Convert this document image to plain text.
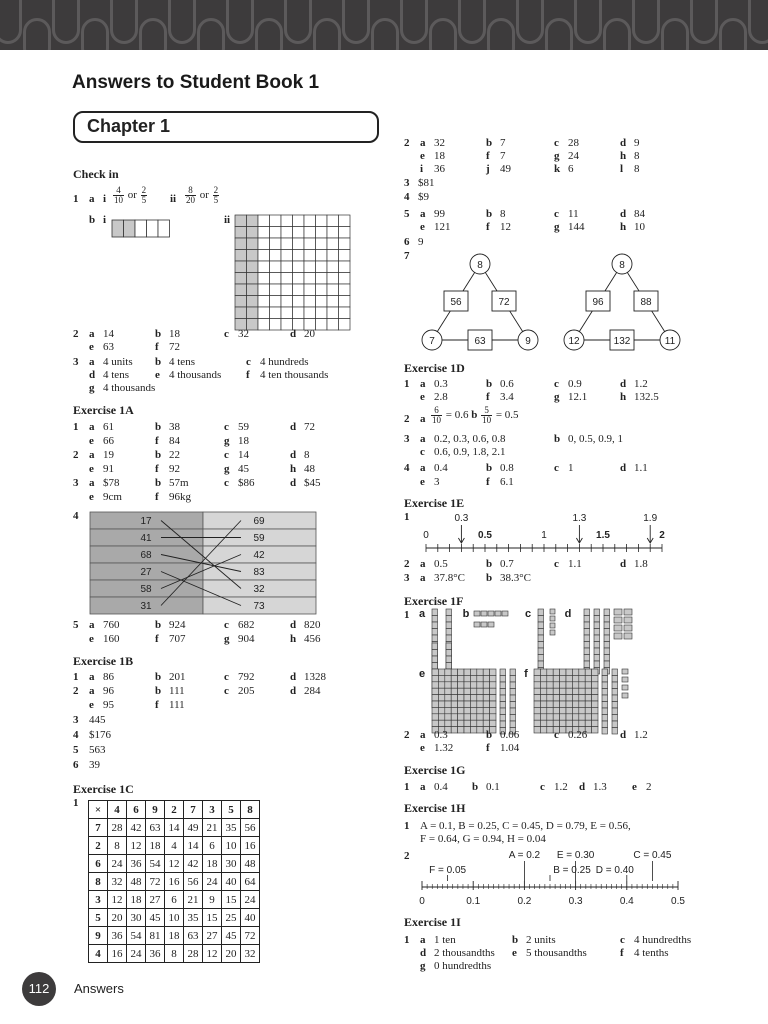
Answers to Student Book 1
Chapter 1
Check in
1 a i $\frac{4}{10}$ or $\frac{2}{5}$ ii $\frac{8}{20}$ or $\frac{2}{5}$
b i	ii
2 a 14	b 18	c 32	d 20
e 63	f 72
3 a 4 units b 4 tens	c 4 hundreds
d 4 tens e 4 thousands f 4 ten thousands
g 4 thousands
Exercise 1A
1 a 61	b 38	c 59	d 72
e 66	f 84	g 18
2 a 19	b 22	c 14	d 8
e 91	f 92	g 45	h 48
3 a $78	b 57m	c $86	d $45
e 9cm	f 96kg
4	17	69
41	59
68	42
27	83
58	32
31	73
5 a 760	b 924	c 682	d 820
e 160	f 707	g 904	h 456
Exercise 1B
1 a 86	b 201	c 792	d 1328
2 a 96	b 111	c 205	d 284
e 95	f 111
3 445
4 $176
5 563
6 39
Exercise 1C
1
×	4	6	9	2	7	3	5	8
7	28	42	63	14	49	21	35	56
2	8	12	18	4	14	6	10	16
6	24	36	54	12	42	18	30	48
8	32	48	72	16	56	24	40	64
3	12	18	27	6	21	9	15	24
5	20	30	45	10	35	15	25	40
9	36	54	81	18	63	27	45	72
4	16	24	36	8	28	12	20	32
2 a 32	b 7	c 28	d 9
e 18	f 7	g 24	h 8
i 36	j 49	k 6	l 8
3 $81
4 $9
5 a 99	b 8	c 11	d 84
e 121	f 12	g 144	h 10
6 9
7
8
7	9
56	72
63
8
12	11
96	88
132
Exercise 1D
1 a 0.3	b 0.6	c 0.9	d 1.2
e 2.8	f 3.4	g 12.1	h 132.5
2 a $\frac{6}{10} = 0.6$ b $\frac{5}{10} = 0.5$
3 a 0.2, 0.3, 0.6, 0.8	b 0, 0.5, 0.9, 1
c 0.6, 0.9, 1.8, 2.1
4 a 0.4	b 0.8	c 1	d 1.1
e 3	f 6.1
Exercise 1E
1
0	0.5	1	1.5	2
0.3	1.3	1.9
2 a 0.5	b 0.7	c 1.1	d 1.8
3 a 37.8°C b 38.3°C
Exercise 1F
1 a	b	c	d
e	f
2 a 0.3	b 0.06	c 0.26	d 1.2
e 1.32	f 1.04
Exercise 1G
1 a 0.4 b 0.1	c 1.2 d 1.3 e 2
Exercise 1H
1 A = 0.1, B = 0.25, C = 0.45, D = 0.79, E = 0.56,
F = 0.64, G = 0.94, H = 0.04
2
0	0.1	0.2	0.3	0.4	0.5
A = 0.2 E = 0.30	C = 0.45
F = 0.05	B = 0.25 D = 0.40
Exercise 1I
1 a 1 ten	b 2 units	c 4 hundredths
d 2 thousandths e 5 thousandths	f 4 tenths
g 0 hundredths
112	Answers
